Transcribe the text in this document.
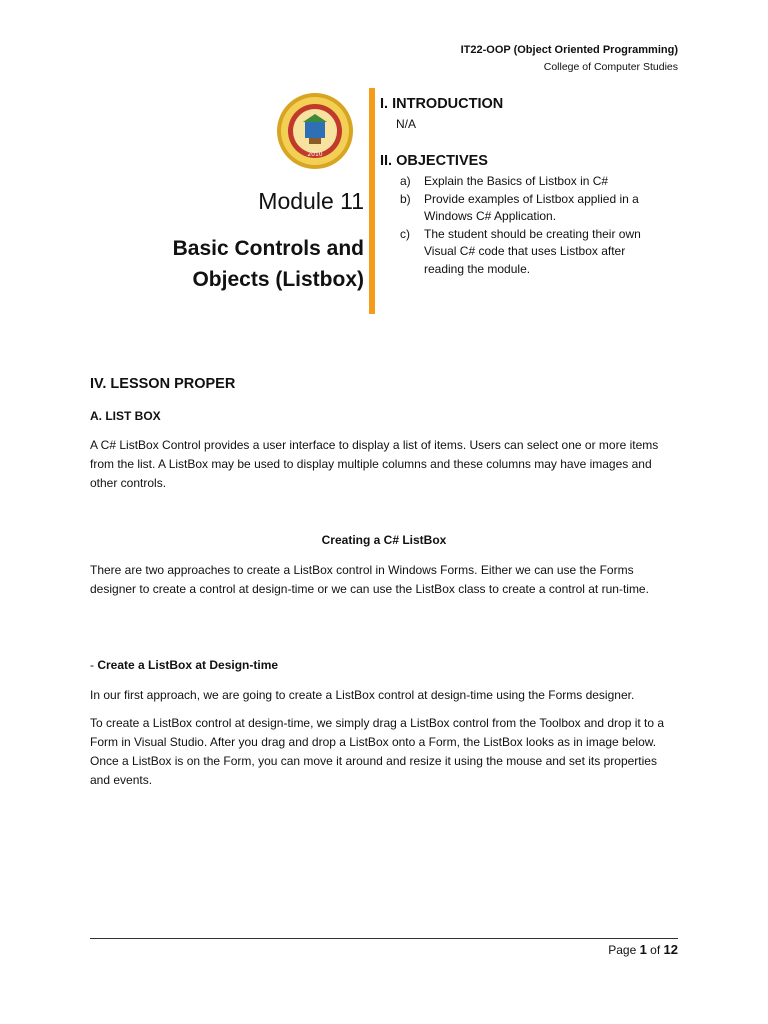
IT22-OOP (Object Oriented Programming)
College of Computer Studies
2010
Module 11
Basic Controls and
Objects (Listbox)
I. INTRODUCTION
N/A
II. OBJECTIVES
a)	Explain the Basics of Listbox in C#
b)	Provide examples of Listbox applied in a Windows C# Application.
c)	The student should be creating their own Visual C# code that uses Listbox after reading the module.
IV. LESSON PROPER
A. LIST BOX
A C# ListBox Control provides a user interface to display a list of items. Users can select one or more items from the list. A ListBox may be used to display multiple columns and these columns may have images and other controls.
Creating a C# ListBox
There are two approaches to create a ListBox control in Windows Forms. Either we can use the Forms designer to create a control at design-time or we can use the ListBox class to create a control at run-time.
- Create a ListBox at Design-time
In our first approach, we are going to create a ListBox control at design-time using the Forms designer.
To create a ListBox control at design-time, we simply drag a ListBox control from the Toolbox and drop it to a Form in Visual Studio. After you drag and drop a ListBox onto a Form, the ListBox looks as in image below. Once a ListBox is on the Form, you can move it around and resize it using the mouse and set its properties and events.
Page 1 of 12
